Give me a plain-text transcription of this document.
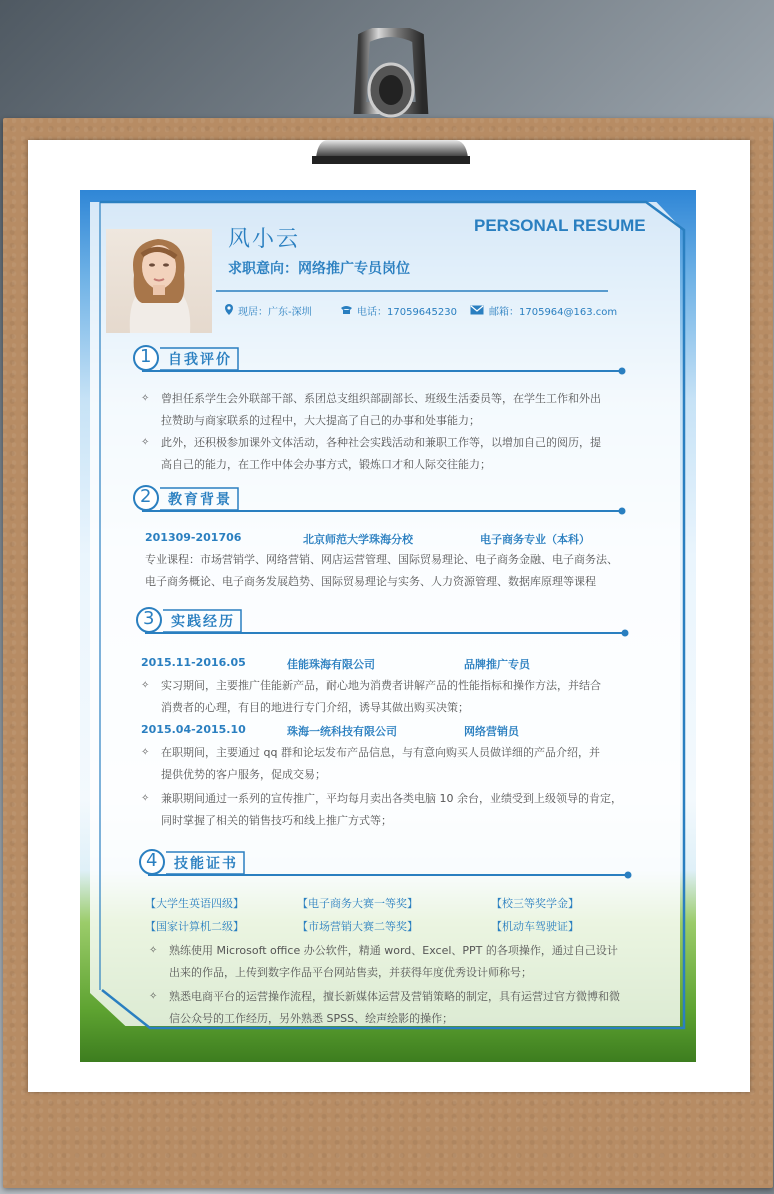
风小云
求职意向：网络推广专员岗位
PERSONAL RESUME
现居：广东-深圳	电话：17059645230	邮箱：1705964@163.com
1 自我评价
✧ 曾担任系学生会外联部干部、系团总支组织部副部长、班级生活委员等，在学生工作和外出
拉赞助与商家联系的过程中，大大提高了自己的办事和处事能力；
✧ 此外，还积极参加课外文体活动，各种社会实践活动和兼职工作等，以增加自己的阅历，提
高自己的能力，在工作中体会办事方式，锻炼口才和人际交往能力；
2 教育背景
201309-201706	北京师范大学珠海分校	电子商务专业（本科）
专业课程：市场营销学、网络营销、网店运营管理、国际贸易理论、电子商务金融、电子商务法、
电子商务概论、电子商务发展趋势、国际贸易理论与实务、人力资源管理、数据库原理等课程
3 实践经历
2015.11-2016.05	佳能珠海有限公司	品牌推广专员
✧ 实习期间，主要推广佳能新产品，耐心地为消费者讲解产品的性能指标和操作方法，并结合
消费者的心理，有目的地进行专门介绍，诱导其做出购买决策；
2015.04-2015.10	珠海一统科技有限公司	网络营销员
✧ 在职期间，主要通过 qq 群和论坛发布产品信息，与有意向购买人员做详细的产品介绍，并
提供优势的客户服务，促成交易；
✧ 兼职期间通过一系列的宣传推广，平均每月卖出各类电脑 10 余台，业绩受到上级领导的肯定，
同时掌握了相关的销售技巧和线上推广方式等；
4 技能证书
【大学生英语四级】	【电子商务大赛一等奖】	【校三等奖学金】
【国家计算机二级】	【市场营销大赛二等奖】	【机动车驾驶证】
✧ 熟练使用 Microsoft office 办公软件，精通 word、Excel、PPT 的各项操作，通过自己设计
出来的作品，上传到数字作品平台网站售卖，并获得年度优秀设计师称号；
✧ 熟悉电商平台的运营操作流程，擅长新媒体运营及营销策略的制定，具有运营过官方微博和微
信公众号的工作经历，另外熟悉 SPSS、绘声绘影的操作；
